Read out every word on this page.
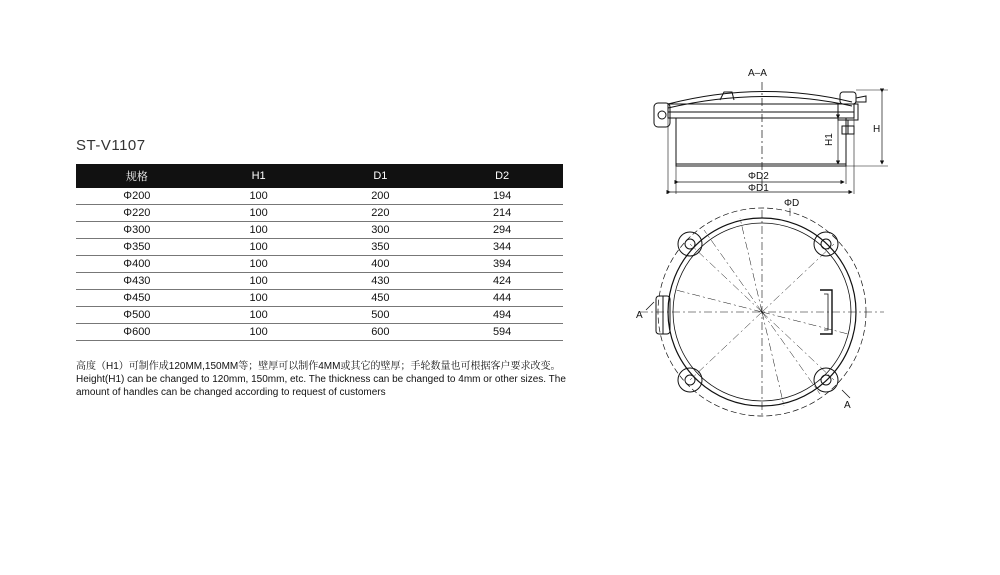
ST-V1107
规格	H1	D1	D2
Φ200	100	200	194
Φ220	100	220	214
Φ300	100	300	294
Φ350	100	350	344
Φ400	100	400	394
Φ430	100	430	424
Φ450	100	450	444
Φ500	100	500	494
Φ600	100	600	594

高度（H1）可制作成120MM,150MM等；壁厚可以制作4MM或其它的壁厚；手轮数量也可根据客户要求改变。

Height(H1) can be changed to 120mm, 150mm, etc. The thickness can be changed to 4mm or other sizes. The amount of handles can be changed according to request of customers

A–A
H
H1
ΦD2
ΦD1
ΦD
A
A
